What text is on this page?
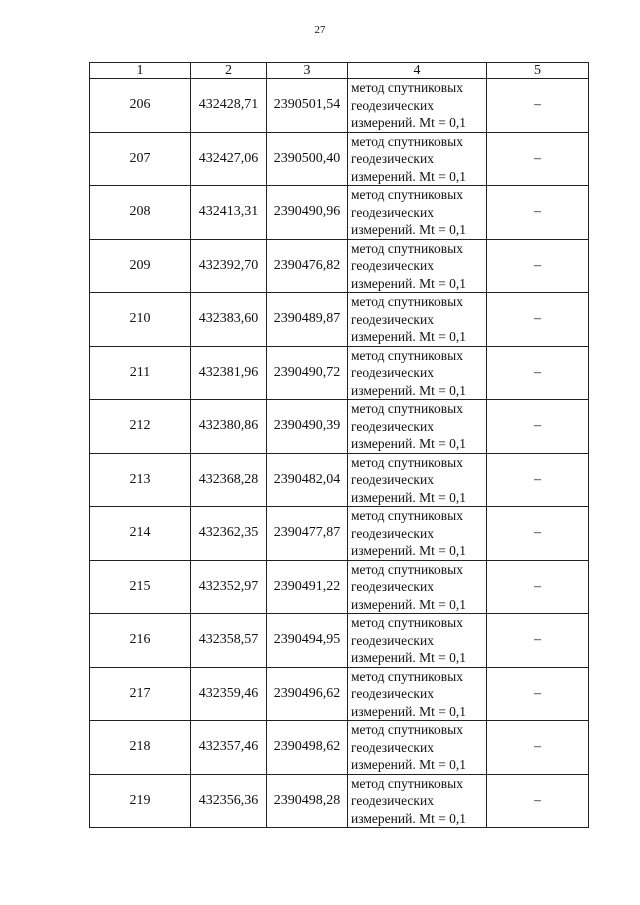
27
1	2	3	4	5
206	432428,71	2390501,54	метод спутниковых
геодезических
измерений. Mt = 0,1	–
207	432427,06	2390500,40	метод спутниковых
геодезических
измерений. Mt = 0,1	–
208	432413,31	2390490,96	метод спутниковых
геодезических
измерений. Mt = 0,1	–
209	432392,70	2390476,82	метод спутниковых
геодезических
измерений. Mt = 0,1	–
210	432383,60	2390489,87	метод спутниковых
геодезических
измерений. Mt = 0,1	–
211	432381,96	2390490,72	метод спутниковых
геодезических
измерений. Mt = 0,1	–
212	432380,86	2390490,39	метод спутниковых
геодезических
измерений. Mt = 0,1	–
213	432368,28	2390482,04	метод спутниковых
геодезических
измерений. Mt = 0,1	–
214	432362,35	2390477,87	метод спутниковых
геодезических
измерений. Mt = 0,1	–
215	432352,97	2390491,22	метод спутниковых
геодезических
измерений. Mt = 0,1	–
216	432358,57	2390494,95	метод спутниковых
геодезических
измерений. Mt = 0,1	–
217	432359,46	2390496,62	метод спутниковых
геодезических
измерений. Mt = 0,1	–
218	432357,46	2390498,62	метод спутниковых
геодезических
измерений. Mt = 0,1	–
219	432356,36	2390498,28	метод спутниковых
геодезических
измерений. Mt = 0,1	–
